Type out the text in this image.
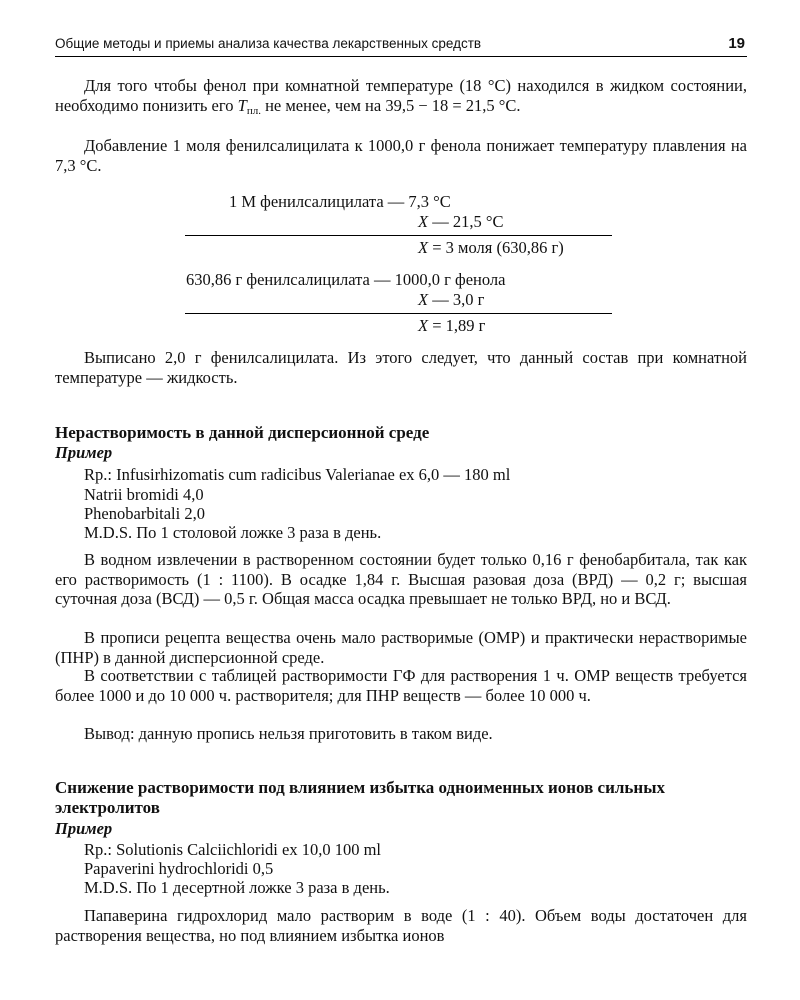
Общие методы и приемы анализа качества лекарственных средств	19

Для того чтобы фенол при комнатной температуре (18 °С) находился в жидком состоянии, необходимо понизить его $T_{пл.}$ не менее, чем на 39,5 − 18 = 21,5 °С.

Добавление 1 моля фенилсалицилата к 1000,0 г фенола понижает температуру плавления на 7,3 °С.

1 М фенилсалицилата — 7,3 °С
X — 21,5 °С
X = 3 моля (630,86 г)
630,86 г фенилсалицилата — 1000,0 г фенола
X — 3,0 г
X = 1,89 г

Выписано 2,0 г фенилсалицилата. Из этого следует, что данный состав при комнатной температуре — жидкость.

Нерастворимость в данной дисперсионной среде
Пример
Rp.: Infusirhizomatis cum radicibus Valerianae ex 6,0 — 180 ml
Natrii bromidi 4,0
Phenobarbitali 2,0
M.D.S. По 1 столовой ложке 3 раза в день.

В водном извлечении в растворенном состоянии будет только 0,16 г фенобарбитала, так как его растворимость (1 : 1100). В осадке 1,84 г. Высшая разовая доза (ВРД) — 0,2 г; высшая суточная доза (ВСД) — 0,5 г. Общая масса осадка превышает не только ВРД, но и ВСД.

В прописи рецепта вещества очень мало растворимые (ОМР) и практически нерастворимые (ПНР) в данной дисперсионной среде.

В соответствии с таблицей растворимости ГФ для растворения 1 ч. ОМР веществ требуется более 1000 и до 10 000 ч. растворителя; для ПНР веществ — более 10 000 ч.

Вывод: данную пропись нельзя приготовить в таком виде.

Снижение растворимости под влиянием избытка одноименных ионов сильных электролитов
Пример
Rp.: Solutionis Calciichloridi ex 10,0 100 ml
Papaverini hydrochloridi 0,5
M.D.S. По 1 десертной ложке 3 раза в день.

Папаверина гидрохлорид мало растворим в воде (1 : 40). Объем воды достаточен для растворения вещества, но под влиянием избытка ионов
